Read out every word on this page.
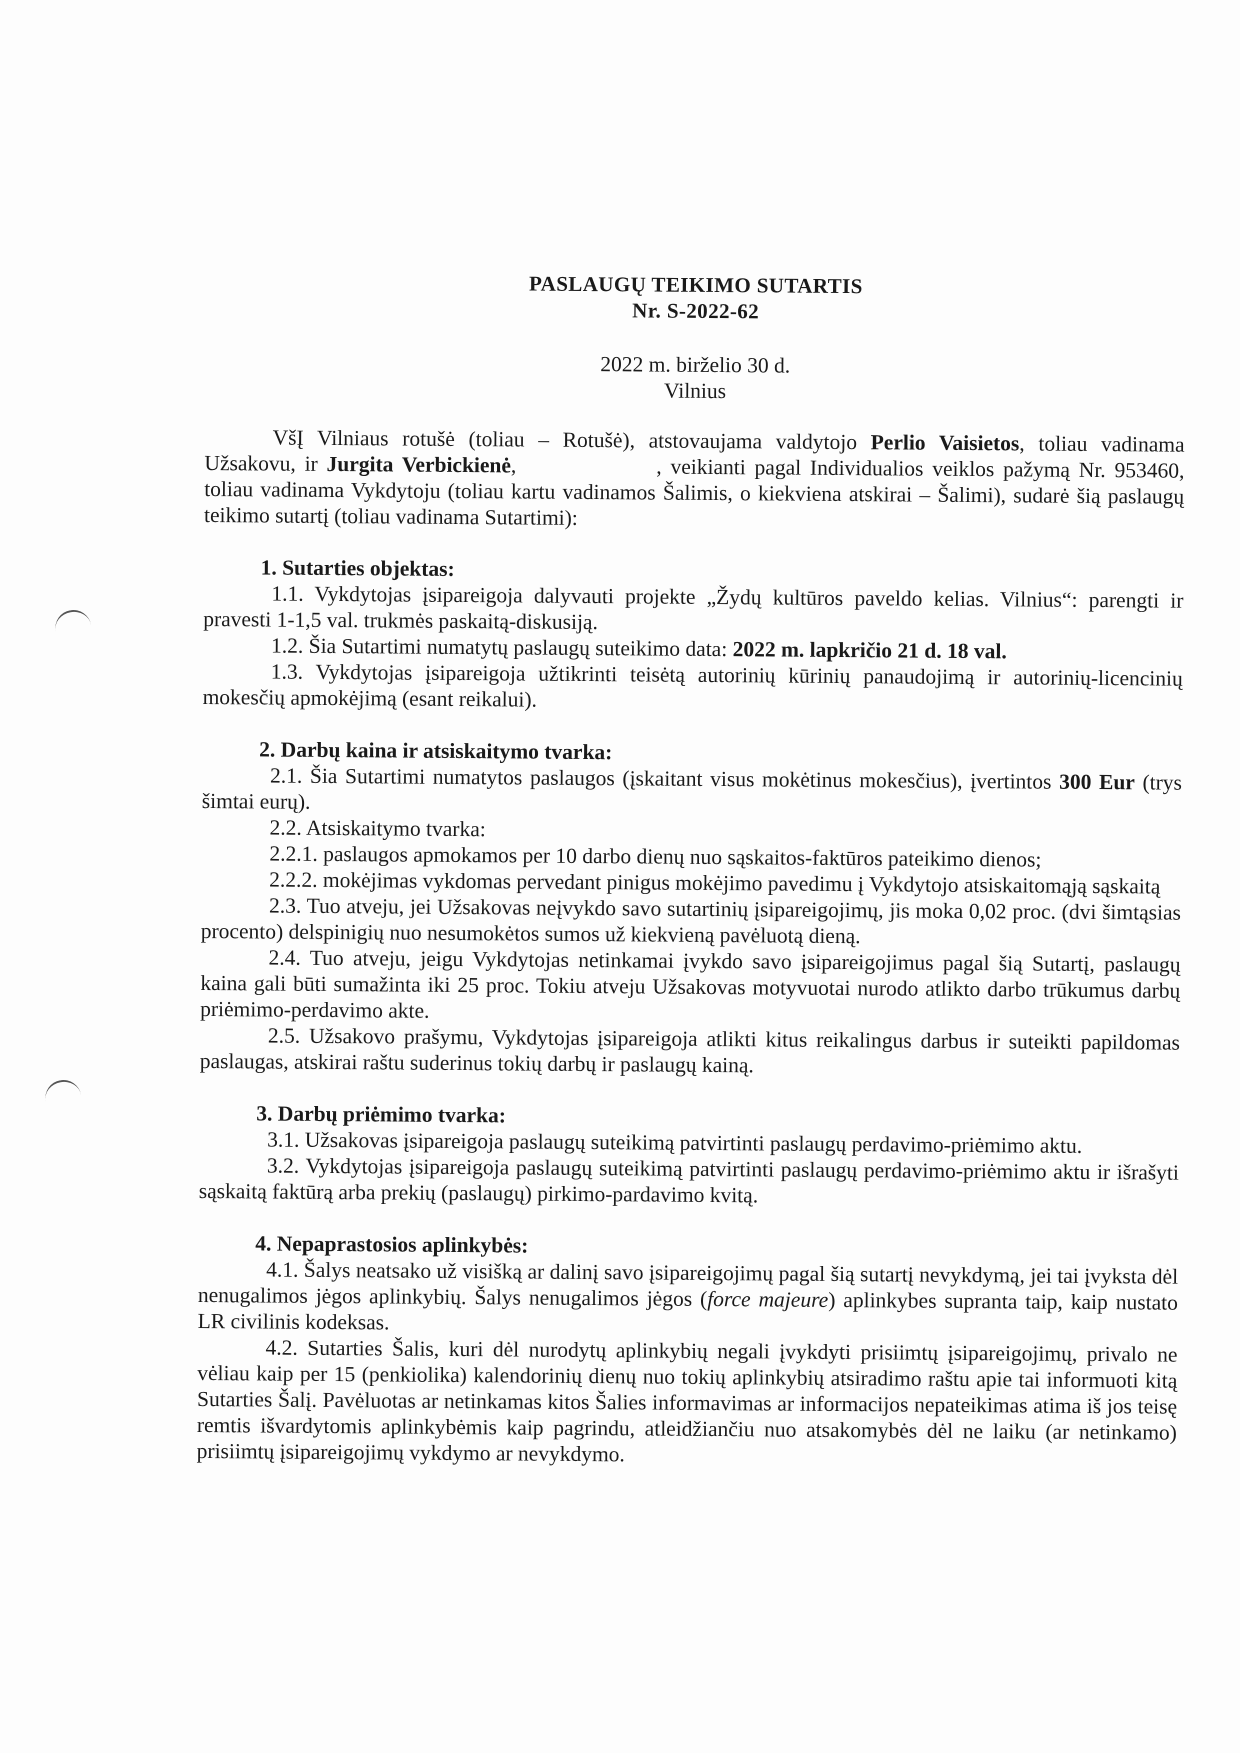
PASLAUGŲ TEIKIMO SUTARTIS
Nr. S-2022-62
2022 m. birželio 30 d.
Vilnius

VšĮ Vilniaus rotušė (toliau – Rotušė), atstovaujama valdytojo Perlio Vaisietos, toliau vadinama Užsakovu, ir Jurgita Verbickienė,	, veikianti pagal Individualios veiklos pažymą Nr. 953460, toliau vadinama Vykdytoju (toliau kartu vadinamos Šalimis, o kiekviena atskirai – Šalimi), sudarė šią paslaugų teikimo sutartį (toliau vadinama Sutartimi):

1. Sutarties objektas:

1.1. Vykdytojas įsipareigoja dalyvauti projekte „Žydų kultūros paveldo kelias. Vilnius“: parengti ir pravesti 1-1,5 val. trukmės paskaitą-diskusiją.

1.2. Šia Sutartimi numatytų paslaugų suteikimo data: 2022 m. lapkričio 21 d. 18 val.

1.3. Vykdytojas įsipareigoja užtikrinti teisėtą autorinių kūrinių panaudojimą ir autorinių-licencinių mokesčių apmokėjimą (esant reikalui).

2. Darbų kaina ir atsiskaitymo tvarka:

2.1. Šia Sutartimi numatytos paslaugos (įskaitant visus mokėtinus mokesčius), įvertintos 300 Eur (trys šimtai eurų).

2.2. Atsiskaitymo tvarka:

2.2.1. paslaugos apmokamos per 10 darbo dienų nuo sąskaitos-faktūros pateikimo dienos;

2.2.2. mokėjimas vykdomas pervedant pinigus mokėjimo pavedimu į Vykdytojo atsiskaitomąją sąskaitą

2.3. Tuo atveju, jei Užsakovas neįvykdo savo sutartinių įsipareigojimų, jis moka 0,02 proc. (dvi šimtąsias procento) delspinigių nuo nesumokėtos sumos už kiekvieną pavėluotą dieną.

2.4. Tuo atveju, jeigu Vykdytojas netinkamai įvykdo savo įsipareigojimus pagal šią Sutartį, paslaugų kaina gali būti sumažinta iki 25 proc. Tokiu atveju Užsakovas motyvuotai nurodo atlikto darbo trūkumus darbų priėmimo-perdavimo akte.

2.5. Užsakovo prašymu, Vykdytojas įsipareigoja atlikti kitus reikalingus darbus ir suteikti papildomas paslaugas, atskirai raštu suderinus tokių darbų ir paslaugų kainą.

3. Darbų priėmimo tvarka:

3.1. Užsakovas įsipareigoja paslaugų suteikimą patvirtinti paslaugų perdavimo-priėmimo aktu.

3.2. Vykdytojas įsipareigoja paslaugų suteikimą patvirtinti paslaugų perdavimo-priėmimo aktu ir išrašyti sąskaitą faktūrą arba prekių (paslaugų) pirkimo-pardavimo kvitą.

4. Nepaprastosios aplinkybės:

4.1. Šalys neatsako už visišką ar dalinį savo įsipareigojimų pagal šią sutartį nevykdymą, jei tai įvyksta dėl nenugalimos jėgos aplinkybių. Šalys nenugalimos jėgos (force majeure) aplinkybes supranta taip, kaip nustato LR civilinis kodeksas.

4.2. Sutarties Šalis, kuri dėl nurodytų aplinkybių negali įvykdyti prisiimtų įsipareigojimų, privalo ne vėliau kaip per 15 (penkiolika) kalendorinių dienų nuo tokių aplinkybių atsiradimo raštu apie tai informuoti kitą Sutarties Šalį. Pavėluotas ar netinkamas kitos Šalies informavimas ar informacijos nepateikimas atima iš jos teisę remtis išvardytomis aplinkybėmis kaip pagrindu, atleidžiančiu nuo atsakomybės dėl ne laiku (ar netinkamo) prisiimtų įsipareigojimų vykdymo ar nevykdymo.
